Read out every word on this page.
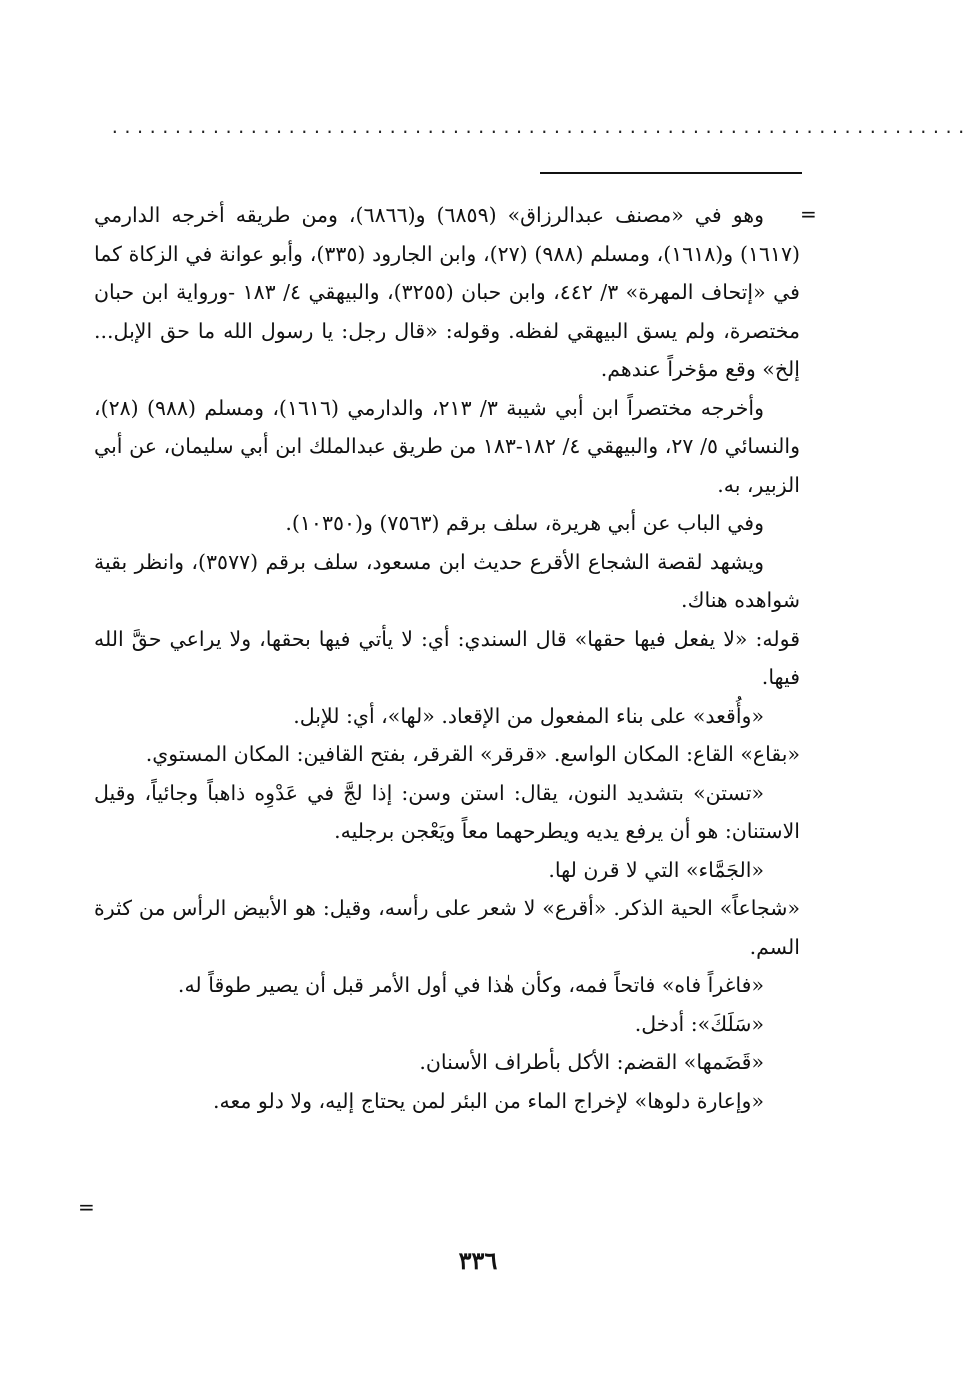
....................................................................
=
=

وهو في «مصنف عبدالرزاق» (٦٨٥٩) و(٦٨٦٦)، ومن طريقه أخرجه الدارمي (١٦١٧) و(١٦١٨)، ومسلم (٩٨٨) (٢٧)، وابن الجارود (٣٣٥)، وأبو عوانة في الزكاة كما في «إتحاف المهرة» ٣/ ٤٤٢، وابن حبان (٣٢٥٥)، والبيهقي ٤/ ١٨٣ -ورواية ابن حبان مختصرة، ولم يسق البيهقي لفظه. وقوله: «قال رجل: يا رسول الله ما حق الإبل... إلخ» وقع مؤخراً عندهم.

وأخرجه مختصراً ابن أبي شيبة ٣/ ٢١٣، والدارمي (١٦١٦)، ومسلم (٩٨٨) (٢٨)، والنسائي ٥/ ٢٧، والبيهقي ٤/ ١٨٢-١٨٣ من طريق عبدالملك ابن أبي سليمان، عن أبي الزبير، به.

وفي الباب عن أبي هريرة، سلف برقم (٧٥٦٣) و(١٠٣٥٠).

ويشهد لقصة الشجاع الأقرع حديث ابن مسعود، سلف برقم (٣٥٧٧)، وانظر بقية شواهده هناك.

قوله: «لا يفعل فيها حقها» قال السندي: أي: لا يأتي فيها بحقها، ولا يراعي حقَّ الله فيها.

«وأُقعد» على بناء المفعول من الإقعاد. «لها»، أي: للإبل.

«بقاع» القاع: المكان الواسع. «قرقر» القرقر، بفتح القافين: المكان المستوي.

«تستن» بتشديد النون، يقال: استن وسن: إذا لجَّ في عَدْوِه ذاهباً وجائياً، وقيل الاستنان: هو أن يرفع يديه ويطرحهما معاً ويَعْجن برجليه.

«الجَمَّاء» التي لا قرن لها.

«شجاعاً» الحية الذكر. «أقرع» لا شعر على رأسه، وقيل: هو الأبيض الرأس من كثرة السم.

«فاغراً فاه» فاتحاً فمه، وكأن هٰذا في أول الأمر قبل أن يصير طوقاً له.

«سَلَكَ»: أدخل.

«قَضَمها» القضم: الأكل بأطراف الأسنان.

«وإعارة دلوها» لإخراج الماء من البئر لمن يحتاج إليه، ولا دلو معه.

٣٣٦
